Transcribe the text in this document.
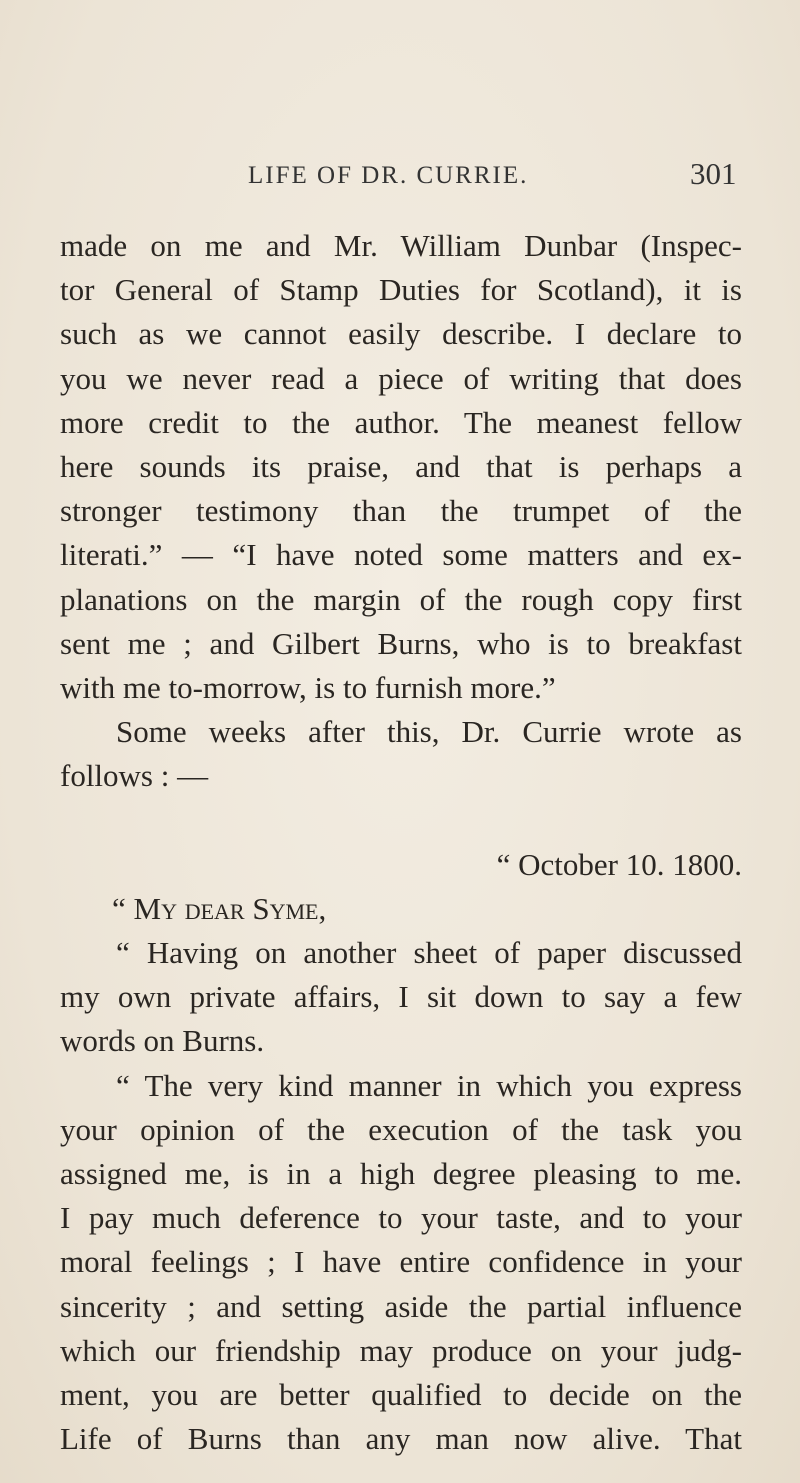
LIFE OF DR. CURRIE.	301
made on me and Mr. William Dunbar (Inspec-
tor General of Stamp Duties for Scotland), it is
such as we cannot easily describe. I declare to
you we never read a piece of writing that does
more credit to the author. The meanest fellow
here sounds its praise, and that is perhaps a
stronger testimony than the trumpet of the
literati.” — “I have noted some matters and ex-
planations on the margin of the rough copy first
sent me ; and Gilbert Burns, who is to breakfast
with me to-morrow, is to furnish more.”
Some weeks after this, Dr. Currie wrote as
follows : —
“ October 10. 1800.
“ My dear Syme,
“ Having on another sheet of paper discussed
my own private affairs, I sit down to say a few
words on Burns.
“ The very kind manner in which you express
your opinion of the execution of the task you
assigned me, is in a high degree pleasing to me.
I pay much deference to your taste, and to your
moral feelings ; I have entire confidence in your
sincerity ; and setting aside the partial influence
which our friendship may produce on your judg-
ment, you are better qualified to decide on the
Life of Burns than any man now alive. That
